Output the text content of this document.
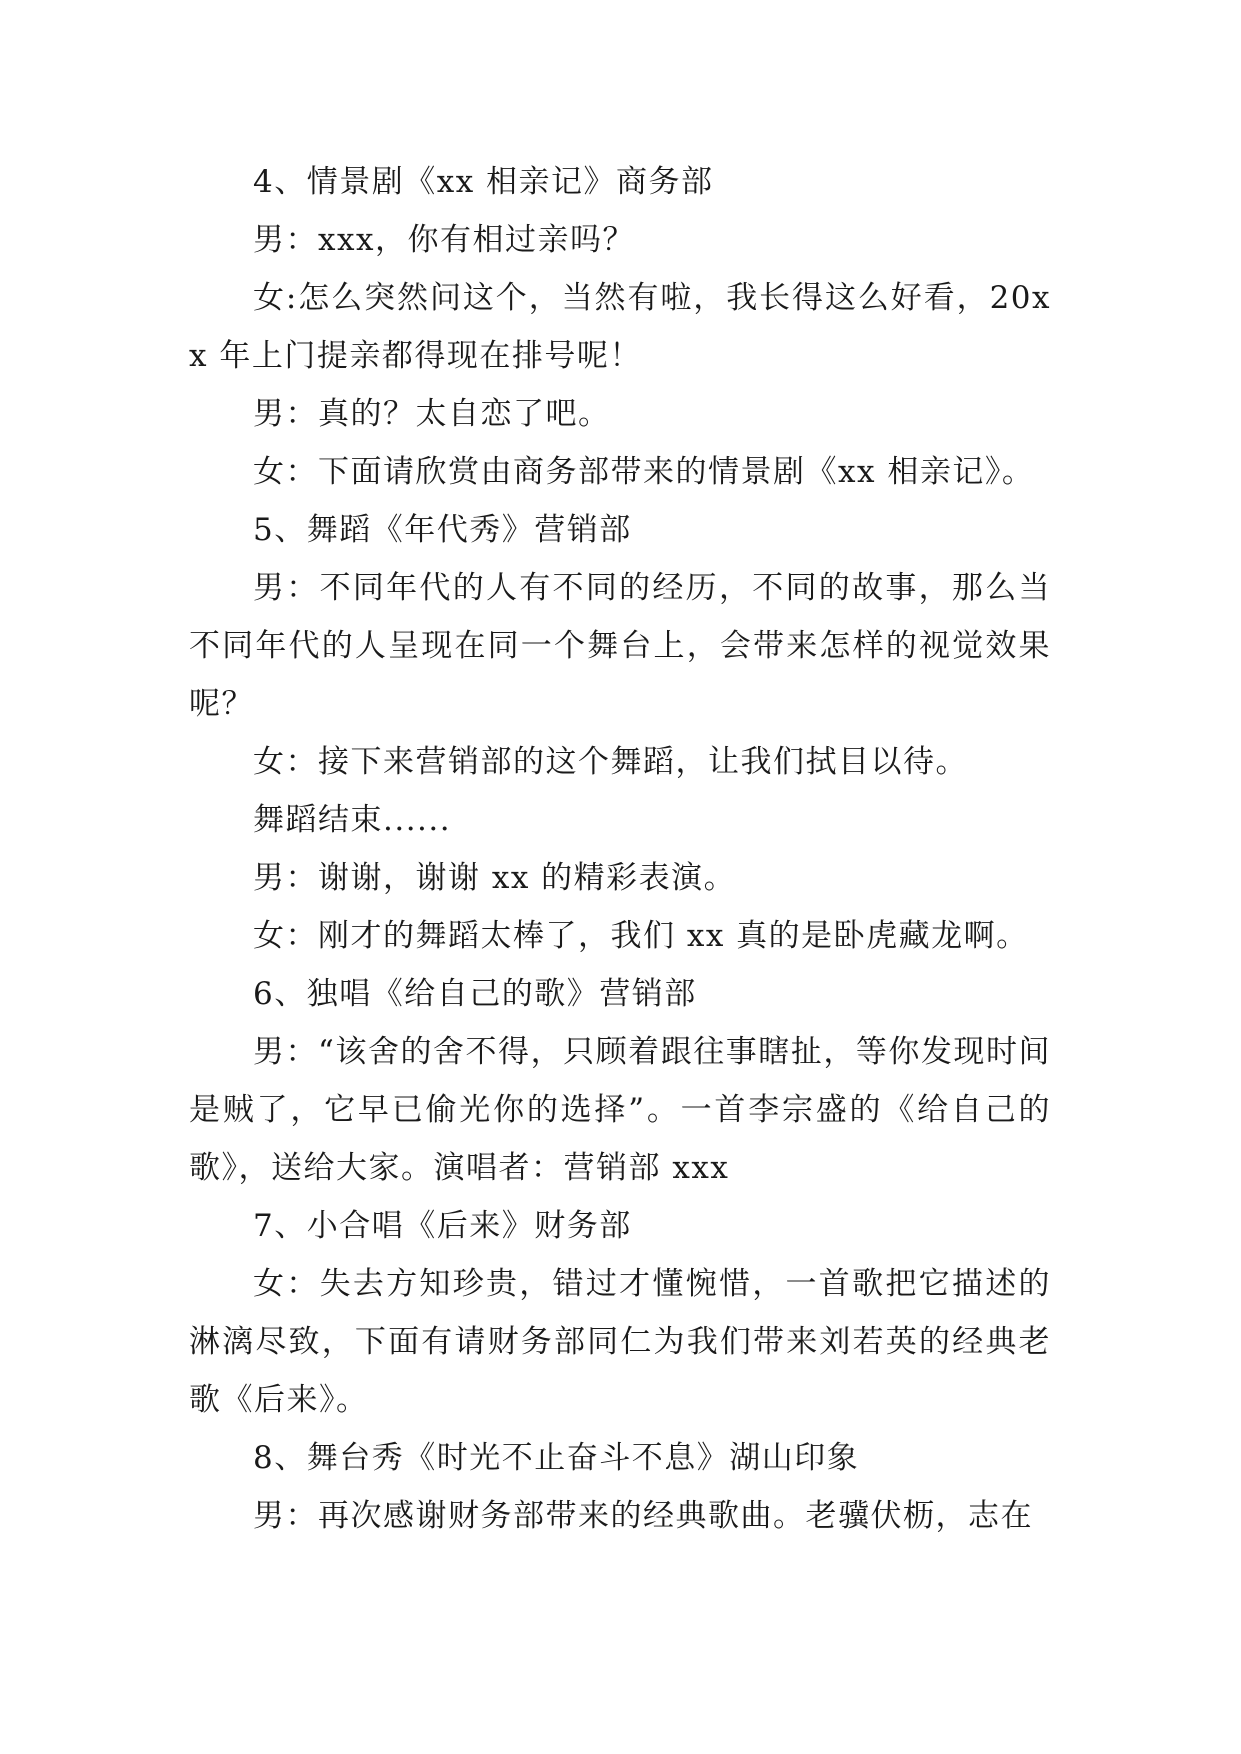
4、情景剧《xx 相亲记》商务部

男：xxx，你有相过亲吗？

女:怎么突然问这个，当然有啦，我长得这么好看，20xx 年上门提亲都得现在排号呢！

男：真的？太自恋了吧。

女：下面请欣赏由商务部带来的情景剧《xx 相亲记》。

5、舞蹈《年代秀》营销部

男：不同年代的人有不同的经历，不同的故事，那么当不同年代的人呈现在同一个舞台上，会带来怎样的视觉效果呢？

女：接下来营销部的这个舞蹈，让我们拭目以待。

舞蹈结束......

男：谢谢，谢谢 xx 的精彩表演。

女：刚才的舞蹈太棒了，我们 xx 真的是卧虎藏龙啊。

6、独唱《给自己的歌》营销部

男：“该舍的舍不得，只顾着跟往事瞎扯，等你发现时间是贼了，它早已偷光你的选择”。一首李宗盛的《给自己的歌》，送给大家。演唱者：营销部 xxx

7、小合唱《后来》财务部

女：失去方知珍贵，错过才懂惋惜，一首歌把它描述的淋漓尽致，下面有请财务部同仁为我们带来刘若英的经典老歌《后来》。

8、舞台秀《时光不止奋斗不息》湖山印象

男：再次感谢财务部带来的经典歌曲。老骥伏枥，志在
